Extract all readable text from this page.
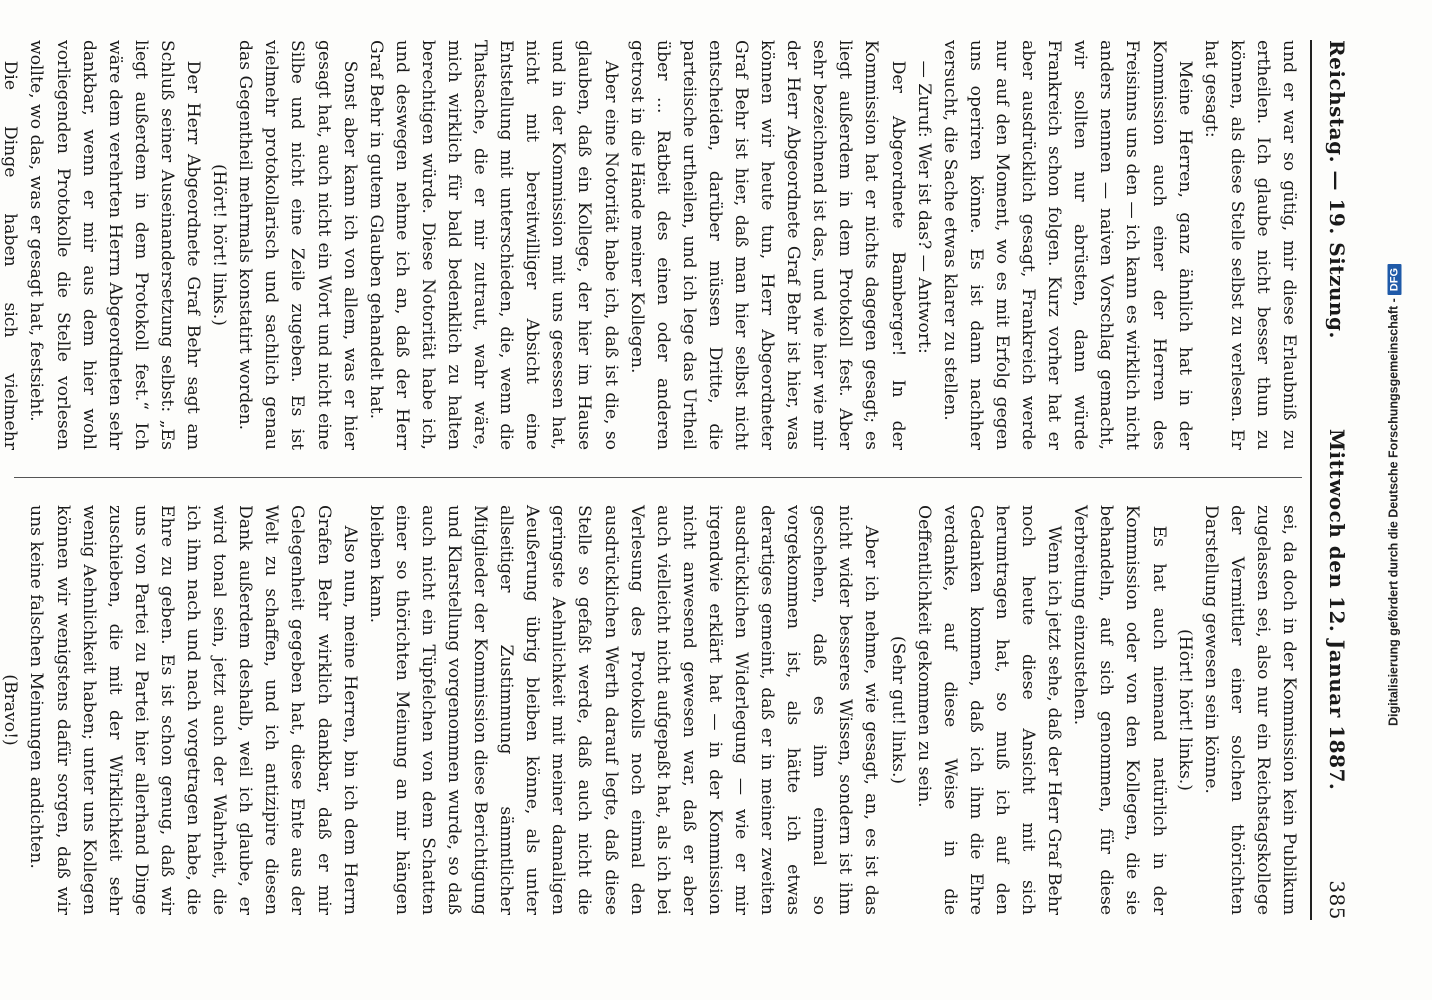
Reichstag. — 19. Sitzung.
Mittwoch den 12. Januar 1887.
385

und er war so gütig, mir diese Erlaubniß zu ertheilen. Ich glaube nicht besser thun zu können, als diese Stelle selbst zu verlesen. Er hat gesagt:

Meine Herren, ganz ähnlich hat in der Kommission auch einer der Herren des Freisinns uns den — ich kann es wirklich nicht anders nennen — naiven Vorschlag gemacht, wir sollten nur abrüsten, dann würde Frankreich schon folgen. Kurz vorher hat er aber ausdrücklich gesagt, Frankreich werde nur auf den Moment, wo es mit Erfolg gegen uns operiren könne. Es ist dann nachher versucht, die Sache etwas klarer zu stellen.

— Zuruf: Wer ist das? — Antwort:

Der Abgeordnete Bamberger! In der Kommission hat er nichts dagegen gesagt; es liegt außerdem in dem Protokoll fest. Aber sehr bezeichnend ist das, und wie hier wie mir der Herr Abgeordnete Graf Behr ist hier, was können wir heute tun, Herr Abgeordneter Graf Behr ist hier, daß man hier selbst nicht entscheiden, darüber müssen Dritte, die parteiische urtheilen, und ich lege das Urtheil über ... Ratbeit des einen oder anderen getrost in die Hände meiner Kollegen.

Aber eine Notorität habe ich, daß ist die, so glauben, daß ein Kollege, der hier im Hause und in der Kommission mit uns gesessen hat, nicht mit bereitwilliger Absicht eine Entstellung mit unterschieden, die, wenn die Thatsache, die er mir zutraut, wahr wäre, mich wirklich für bald bedenklich zu halten berechtigen würde. Diese Notorität habe ich, und deswegen nehme ich an, daß der Herr Graf Behr in gutem Glauben gehandelt hat.

Sonst aber kann ich von allem, was er hier gesagt hat, auch nicht ein Wort und nicht eine Silbe und nicht eine Zeile zugeben. Es ist vielmehr protokollarisch und sachlich genau das Gegentheil mehrmals konstatirt worden.

(Hört! hört! links.)

Der Herr Abgeordnete Graf Behr sagt am Schluß seiner Auseinandersetzung selbst: „Es liegt außerdem in dem Protokoll fest.“ Ich wäre dem verehrten Herrn Abgeordneten sehr dankbar, wenn er mir aus dem hier wohl vorliegenden Protokolle die Stelle vorlesen wollte, wo das, was er gesagt hat, festsieht.

Die Dinge haben sich vielmehr

sei, da doch in der Kommission kein Publikum zugelassen sei, also nur ein Reichstagskollege der Vermittler einer solchen thörichten Darstellung gewesen sein könne.

(Hört! hört! links.)

Es hat auch niemand natürlich in der Kommission oder von den Kollegen, die sie behandeln, auf sich genommen, für diese Verbreitung einzustehen.

Wenn ich jetzt sehe, daß der Herr Graf Behr noch heute diese Ansicht mit sich herumtragen hat, so muß ich auf den Gedanken kommen, daß ich ihm die Ehre verdanke, auf diese Weise in die Oeffentlichkeit gekommen zu sein.

(Sehr gut! links.)

Aber ich nehme, wie gesagt, an, es ist das nicht wider besseres Wissen, sondern ist ihm geschehen, daß es ihm einmal so vorgekommen ist, als hätte ich etwas derartiges gemeint, daß er in meiner zweiten ausdrücklichen Widerlegung — wie er mir irgendwie erklärt hat — in der Kommission nicht anwesend gewesen war, daß er aber auch vielleicht nicht aufgepaßt hat, als ich bei Verlesung des Protokolls noch einmal den ausdrücklichen Werth darauf legte, daß diese Stelle so gefaßt werde, daß auch nicht die geringste Aehnlichkeit mit meiner damaligen Aeußerung übrig bleiben könne, als unter allseitiger Zustimmung sämmtlicher Mitglieder der Kommission diese Berichtigung und Klarstellung vorgenommen wurde, so daß auch nicht ein Tüpfelchen von dem Schatten einer so thörichten Meinung an mir hängen bleiben kann.

Also nun, meine Herren, bin ich dem Herrn Grafen Behr wirklich dankbar, daß er mir Gelegenheit gegeben hat, diese Ente aus der Welt zu schaffen, und ich antizipire diesen Dank außerdem deshalb, weil ich glaube, er wird tonal sein, jetzt auch der Wahrheit, die ich ihm nach und nach vorgetragen habe, die Ehre zu geben. Es ist schon genug, daß wir uns von Partei zu Partei hier allerhand Dinge zuschieben, die mit der Wirklichkeit sehr wenig Aehnlichkeit haben; unter uns Kollegen können wir wenigstens dafür sorgen, daß wir uns keine falschen Meinungen andichten.

(Bravo!)	Digitalisierung gefördert durch die Deutsche Forschungsgemeinschaft -DFG
